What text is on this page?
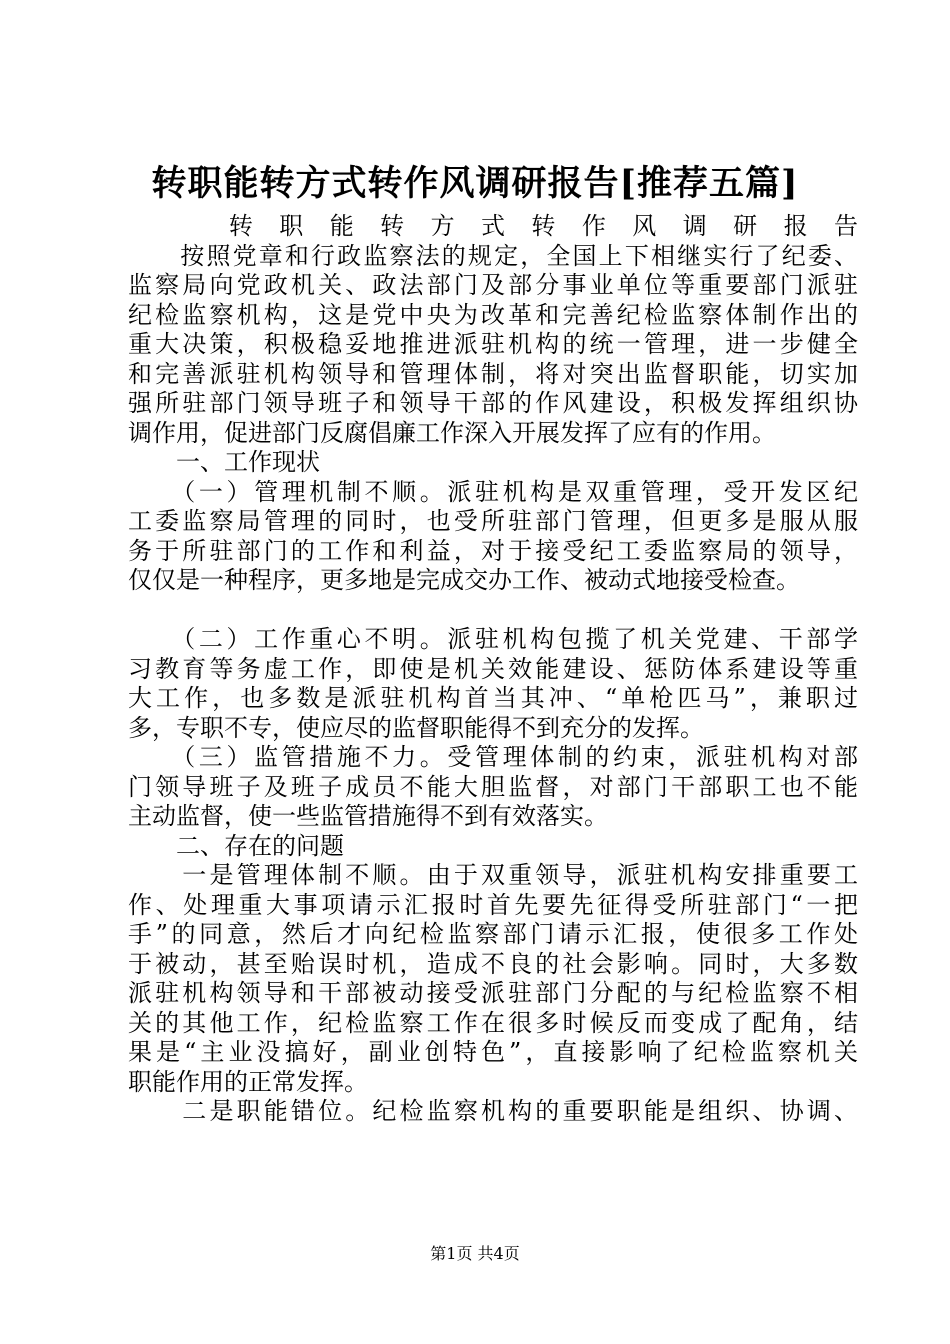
转职能转方式转作风调研报告[推荐五篇]
　　转职能转方式转作风调研报告
　　按照党章和行政监察法的规定，全国上下相继实行了纪委、
监察局向党政机关、政法部门及部分事业单位等重要部门派驻
纪检监察机构，这是党中央为改革和完善纪检监察体制作出的
重大决策，积极稳妥地推进派驻机构的统一管理，进一步健全
和完善派驻机构领导和管理体制，将对突出监督职能，切实加
强所驻部门领导班子和领导干部的作风建设，积极发挥组织协
调作用，促进部门反腐倡廉工作深入开展发挥了应有的作用。
　　一、工作现状
　　（一）管理机制不顺。派驻机构是双重管理，受开发区纪
工委监察局管理的同时，也受所驻部门管理，但更多是服从服
务于所驻部门的工作和利益，对于接受纪工委监察局的领导，
仅仅是一种程序，更多地是完成交办工作、被动式地接受检查。
　　（二）工作重心不明。派驻机构包揽了机关党建、干部学
习教育等务虚工作，即使是机关效能建设、惩防体系建设等重
大工作，也多数是派驻机构首当其冲、“单枪匹马”，兼职过
多，专职不专，使应尽的监督职能得不到充分的发挥。
　　（三）监管措施不力。受管理体制的约束，派驻机构对部
门领导班子及班子成员不能大胆监督，对部门干部职工也不能
主动监督，使一些监管措施得不到有效落实。
　　二、存在的问题
　　一是管理体制不顺。由于双重领导，派驻机构安排重要工
作、处理重大事项请示汇报时首先要先征得受所驻部门“一把
手”的同意，然后才向纪检监察部门请示汇报，使很多工作处
于被动，甚至贻误时机，造成不良的社会影响。同时，大多数
派驻机构领导和干部被动接受派驻部门分配的与纪检监察不相
关的其他工作，纪检监察工作在很多时候反而变成了配角，结
果是“主业没搞好，副业创特色”，直接影响了纪检监察机关
职能作用的正常发挥。
　　二是职能错位。纪检监察机构的重要职能是组织、协调、
第1页 共4页
